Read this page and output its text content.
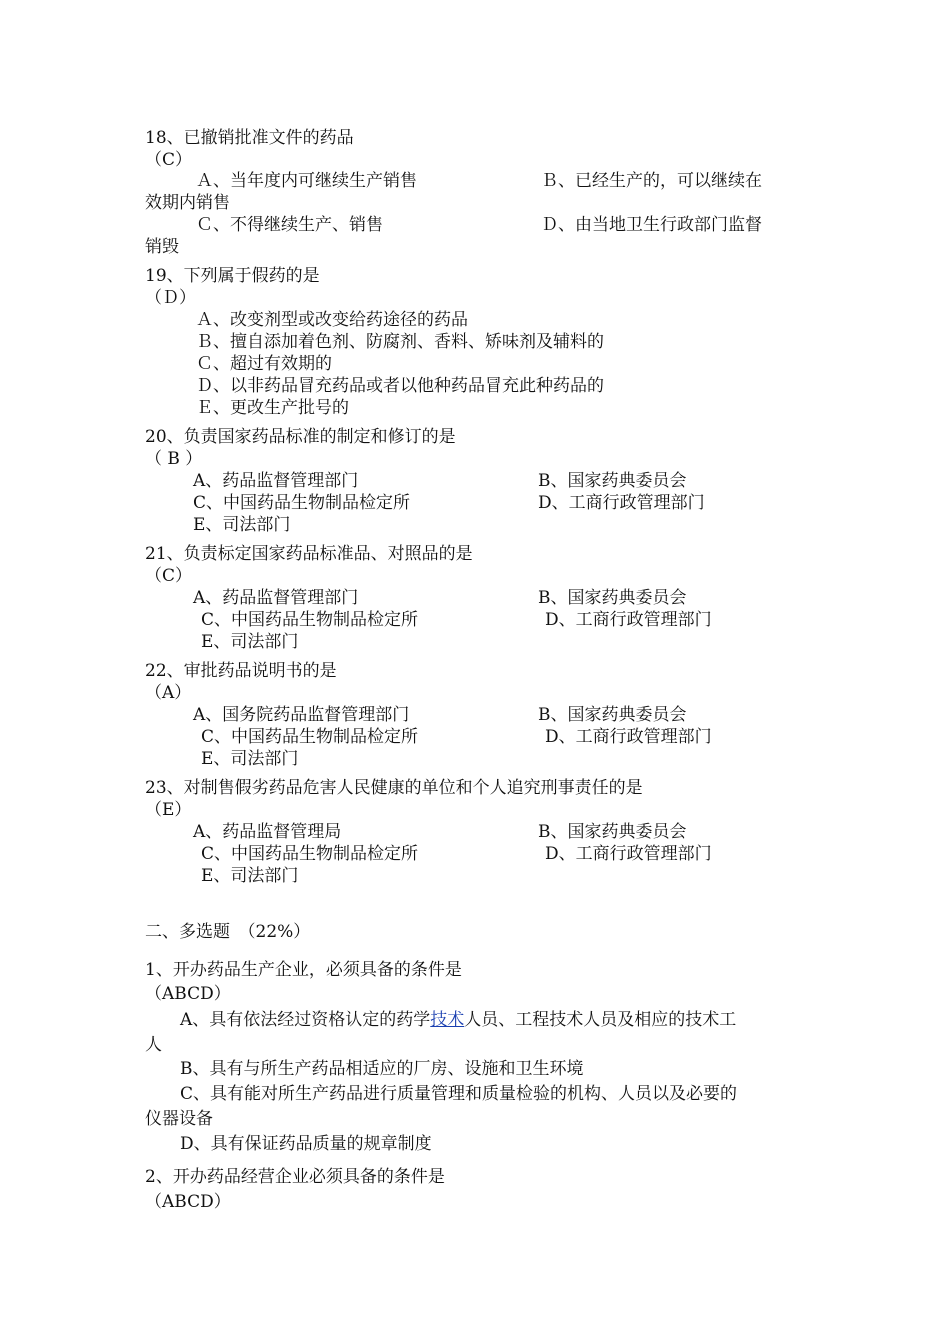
18、已撤销批准文件的药品
（C）
Ａ、当年度内可继续生产销售	Ｂ、已经生产的，可以继续在
效期内销售
Ｃ、不得继续生产、销售	Ｄ、由当地卫生行政部门监督
销毁
19、下列属于假药的是
（Ｄ）
Ａ、改变剂型或改变给药途径的药品
Ｂ、擅自添加着色剂、防腐剂、香料、矫味剂及辅料的
Ｃ、超过有效期的
Ｄ、以非药品冒充药品或者以他种药品冒充此种药品的
Ｅ、更改生产批号的
20、负责国家药品标准的制定和修订的是
（ B ）
A、药品监督管理部门	B、国家药典委员会
C、中国药品生物制品检定所	D、工商行政管理部门
E、司法部门
21、负责标定国家药品标准品、对照品的是
（C）
A、药品监督管理部门	B、国家药典委员会
C、中国药品生物制品检定所	D、工商行政管理部门
E、司法部门
22、审批药品说明书的是
（A）
A、国务院药品监督管理部门	B、国家药典委员会
C、中国药品生物制品检定所	D、工商行政管理部门
E、司法部门
23、对制售假劣药品危害人民健康的单位和个人追究刑事责任的是
（E）
A、药品监督管理局	B、国家药典委员会
C、中国药品生物制品检定所	D、工商行政管理部门
E、司法部门
二、多选题　（22%）
1、开办药品生产企业，必须具备的条件是
（ABCD）
A、具有依法经过资格认定的药学技术人员、工程技术人员及相应的技术工
人
B、具有与所生产药品相适应的厂房、设施和卫生环境
C、具有能对所生产药品进行质量管理和质量检验的机构、人员以及必要的
仪器设备
D、具有保证药品质量的规章制度
2、开办药品经营企业必须具备的条件是
（ABCD）
